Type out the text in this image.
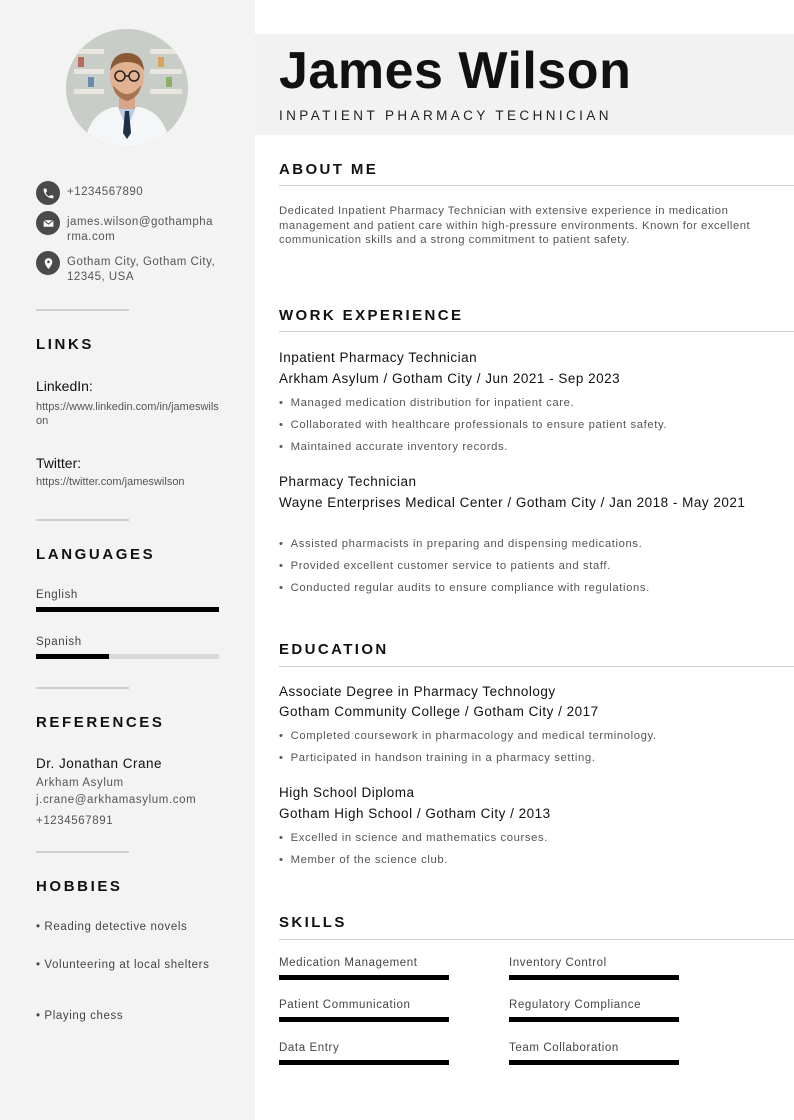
+1234567890
james.wilson@gothampharma.com
Gotham City, Gotham City, 12345, USA
LINKS
LinkedIn:
https://www.linkedin.com/in/jameswilson
Twitter:
https://twitter.com/jameswilson
LANGUAGES
English
Spanish
REFERENCES
Dr. Jonathan Crane
Arkham Asylum
j.crane@arkhamasylum.com
+1234567891
HOBBIES
• Reading detective novels
• Volunteering at local shelters
• Playing chess
James Wilson
INPATIENT PHARMACY TECHNICIAN
ABOUT ME

Dedicated Inpatient Pharmacy Technician with extensive experience in medication management and patient care within high-pressure environments. Known for excellent communication skills and a strong commitment to patient safety.

WORK EXPERIENCE
Inpatient Pharmacy Technician
Arkham Asylum / Gotham City / Jun 2021 - Sep 2023
• Managed medication distribution for inpatient care.
• Collaborated with healthcare professionals to ensure patient safety.
• Maintained accurate inventory records.
Pharmacy Technician
Wayne Enterprises Medical Center / Gotham City / Jan 2018 - May 2021
• Assisted pharmacists in preparing and dispensing medications.
• Provided excellent customer service to patients and staff.
• Conducted regular audits to ensure compliance with regulations.
EDUCATION
Associate Degree in Pharmacy Technology
Gotham Community College / Gotham City / 2017
• Completed coursework in pharmacology and medical terminology.
• Participated in handson training in a pharmacy setting.
High School Diploma
Gotham High School / Gotham City / 2013
• Excelled in science and mathematics courses.
• Member of the science club.
SKILLS
Medication Management	Inventory Control
Patient Communication	Regulatory Compliance
Data Entry	Team Collaboration
